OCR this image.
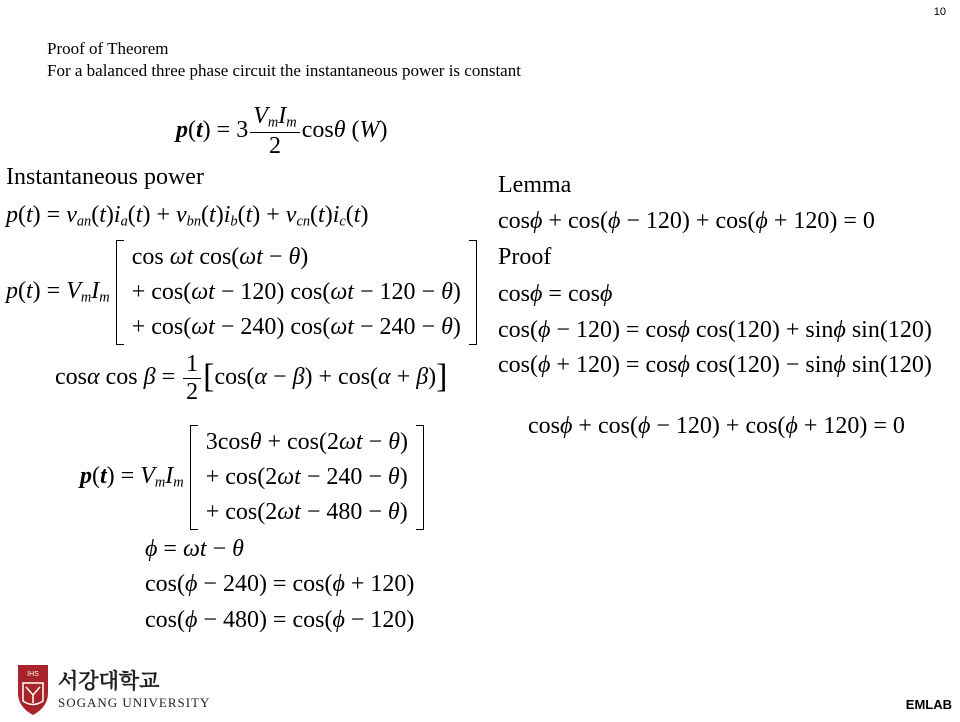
10
Proof of Theorem
For a balanced three phase circuit the instantaneous power is constant
$p(t) = 3 \frac{V_mI_m}{2}$ cosθ (W)
Instantaneous power
$p(t) = v_{an}(t)i_a(t) + v_{bn}(t)i_b(t) + v_{cn}(t)i_c(t)$
$p(t) = V_mI_m$
cos ωt cos(ωt − θ)
+ cos(ωt − 120) cos(ωt − 120 − θ)
+ cos(ωt − 240) cos(ωt − 240 − θ)
cosα $\cos \beta = \frac{1}{2} [\cos(\alpha - \beta) + \cos(\alpha + \beta)]$
$p(t) = V_mI_m$
3cosθ + cos(2ωt − θ)
+ cos(2ωt − 240 − θ)
+ cos(2ωt − 480 − θ)
ϕ = ωt − θ
cos(ϕ − 240) = cos(ϕ + 120)
cos(ϕ − 480) = cos(ϕ − 120)
Lemma
cosϕ + cos(ϕ − 120) + cos(ϕ + 120) = 0
Proof
cosϕ = cosϕ
cos(ϕ − 120) = cosϕ cos(120) + sinϕ sin(120)
cos(ϕ + 120) = cosϕ cos(120) − sinϕ sin(120)
cosϕ + cos(ϕ − 120) + cos(ϕ + 120) = 0
IHS 서강대학교
SOGANG UNIVERSITY	EMLAB
